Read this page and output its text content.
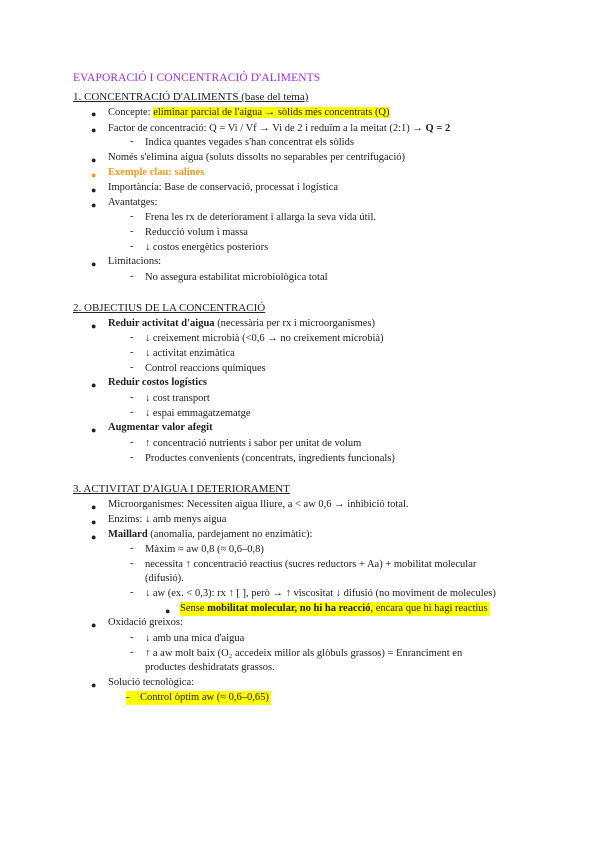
EVAPORACIÓ I CONCENTRACIÓ D'ALIMENTS
1. CONCENTRACIÓ D'ALIMENTS (base del tema)
● Concepte: eliminar parcial de l'aigua → sòlids més concentrats (Q)
● Factor de concentració: Q = Vi / Vf → Vi de 2 i reduïm a la meitat (2:1) → Q = 2
- Indica quantes vegades s'han concentrat els sòlids
● Només s'elimina aigua (soluts dissolts no separables per centrifugació)
● Exemple clau: salines
● Importància: Base de conservació, processat i logística
● Avantatges:
- Frena les rx de deteriorament i allarga la seva vida útil.
- Reducció volum i massa
- ↓ costos energètics posteriors
● Limitacions:
- No assegura estabilitat microbiològica total
2. OBJECTIUS DE LA CONCENTRACIÓ
● Reduir activitat d'aigua (necessària per rx i microorganismes)
- ↓ creixement microbià (<0,6 → no creixement microbià)
- ↓ activitat enzimàtica
- Control reaccions químiques
● Reduir costos logístics
- ↓ cost transport
- ↓ espai emmagatzematge
● Augmentar valor afegit
- ↑ concentració nutrients i sabor per unitat de volum
- Productes convenients (concentrats, ingredients funcionals)
3. ACTIVITAT D'AIGUA I DETERIORAMENT
● Microorganismes: Necessiten aigua lliure, a < aw 0,6 → inhibició total.
● Enzims: ↓ amb menys aigua
● Maillard (anomalia, pardejament no enzimàtic):
- Màxim ≈ aw 0,8 (≈ 0,6–0,8)
- necessita ↑ concentració reactius (sucres reductors + Aa) + mobilitat molecular
(difusió).
- ↓ aw (ex. < 0,3): rx ↑ [ ], però → ↑ viscositat ↓ difusió (no moviment de molecules)
● Sense mobilitat molecular, no hi ha reacció, encara que hi hagi reactius
● Oxidació greixos:
- ↓ amb una mica d'aigua
- ↑ a aw molt baix (O₂ accedeix millor als glòbuls grassos) = Enranciment en
productes deshidratats grassos.
● Solució tecnològica:
-    Control òptim aw (≈ 0,6–0,65)
